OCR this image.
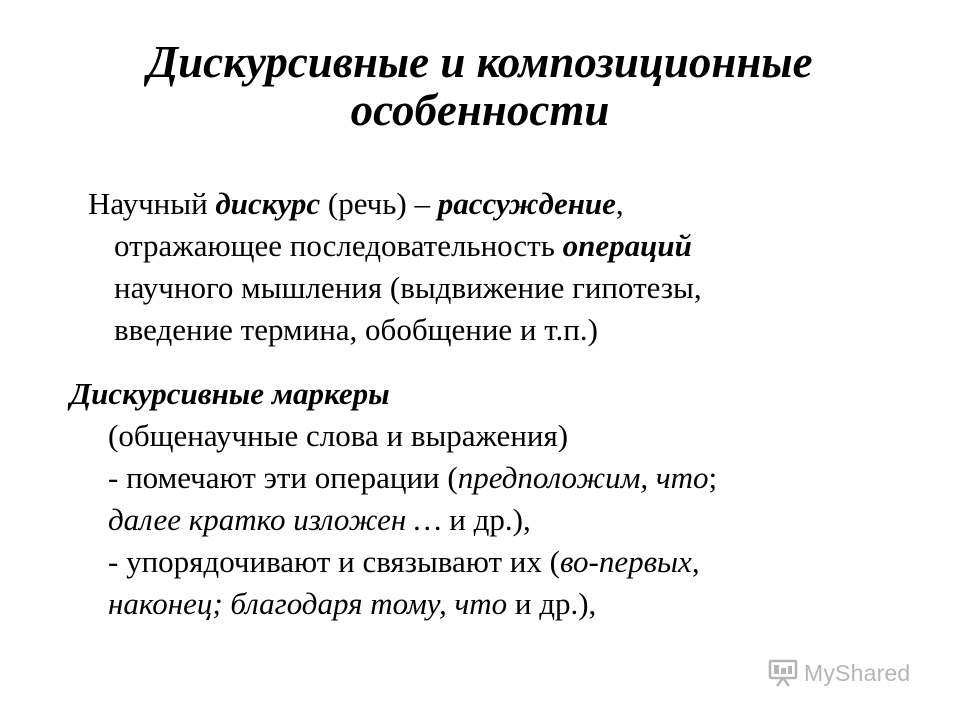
Дискурсивные и композиционные
особенности
Научный дискурс (речь) – рассуждение,
отражающее последовательность операций
научного мышления (выдвижение гипотезы,
введение термина, обобщение и т.п.)
Дискурсивные маркеры
(общенаучные слова и выражения)
- помечают эти операции (предположим, что;
далее кратко изложен … и др.),
- упорядочивают и связывают их (во-первых,
наконец; благодаря тому, что и др.),
MyShared
